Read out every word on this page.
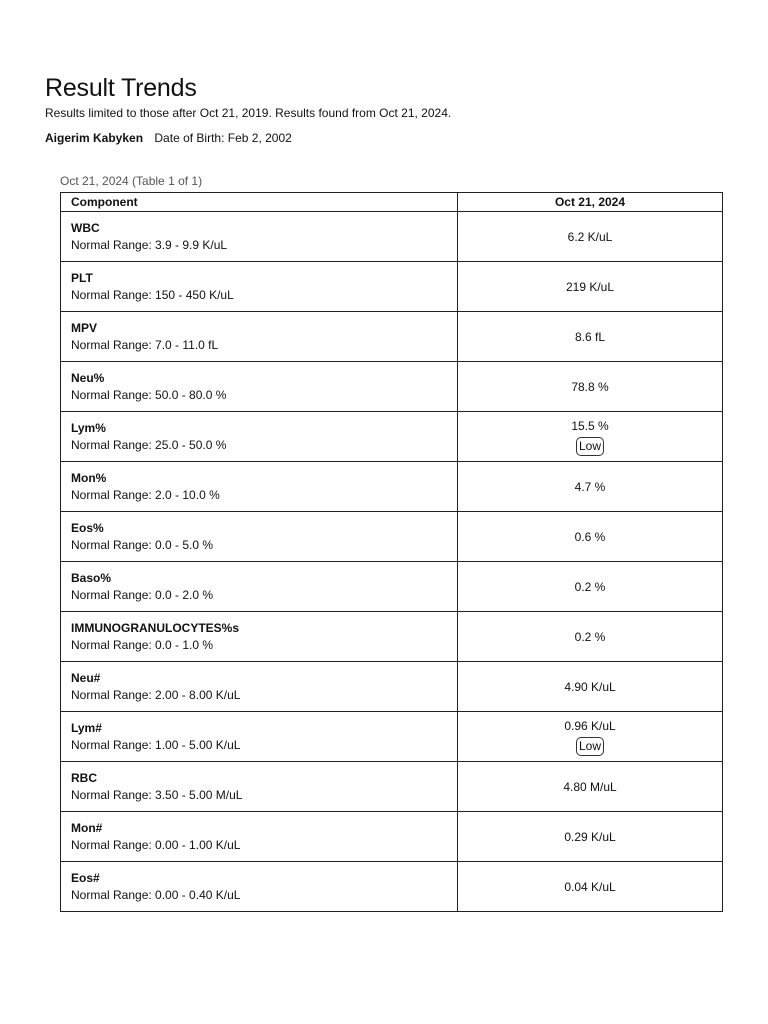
Result Trends
Results limited to those after Oct 21, 2019. Results found from Oct 21, 2024.
Aigerim Kabyken Date of Birth: Feb 2, 2002
Oct 21, 2024 (Table 1 of 1)
Component	Oct 21, 2024

WBC
Normal Range: 3.9 - 9.9 K/uL	6.2 K/uL

PLT
Normal Range: 150 - 450 K/uL	219 K/uL

MPV
Normal Range: 7.0 - 11.0 fL	8.6 fL

Neu%
Normal Range: 50.0 - 80.0 %	78.8 %

Lym%
Normal Range: 25.0 - 50.0 %	15.5 %
Low

Mon%
Normal Range: 2.0 - 10.0 %	4.7 %

Eos%
Normal Range: 0.0 - 5.0 %	0.6 %

Baso%
Normal Range: 0.0 - 2.0 %	0.2 %

IMMUNOGRANULOCYTES%s
Normal Range: 0.0 - 1.0 %	0.2 %

Neu#
Normal Range: 2.00 - 8.00 K/uL	4.90 K/uL

Lym#
Normal Range: 1.00 - 5.00 K/uL	0.96 K/uL
Low

RBC
Normal Range: 3.50 - 5.00 M/uL	4.80 M/uL

Mon#
Normal Range: 0.00 - 1.00 K/uL	0.29 K/uL

Eos#
Normal Range: 0.00 - 0.40 K/uL	0.04 K/uL
